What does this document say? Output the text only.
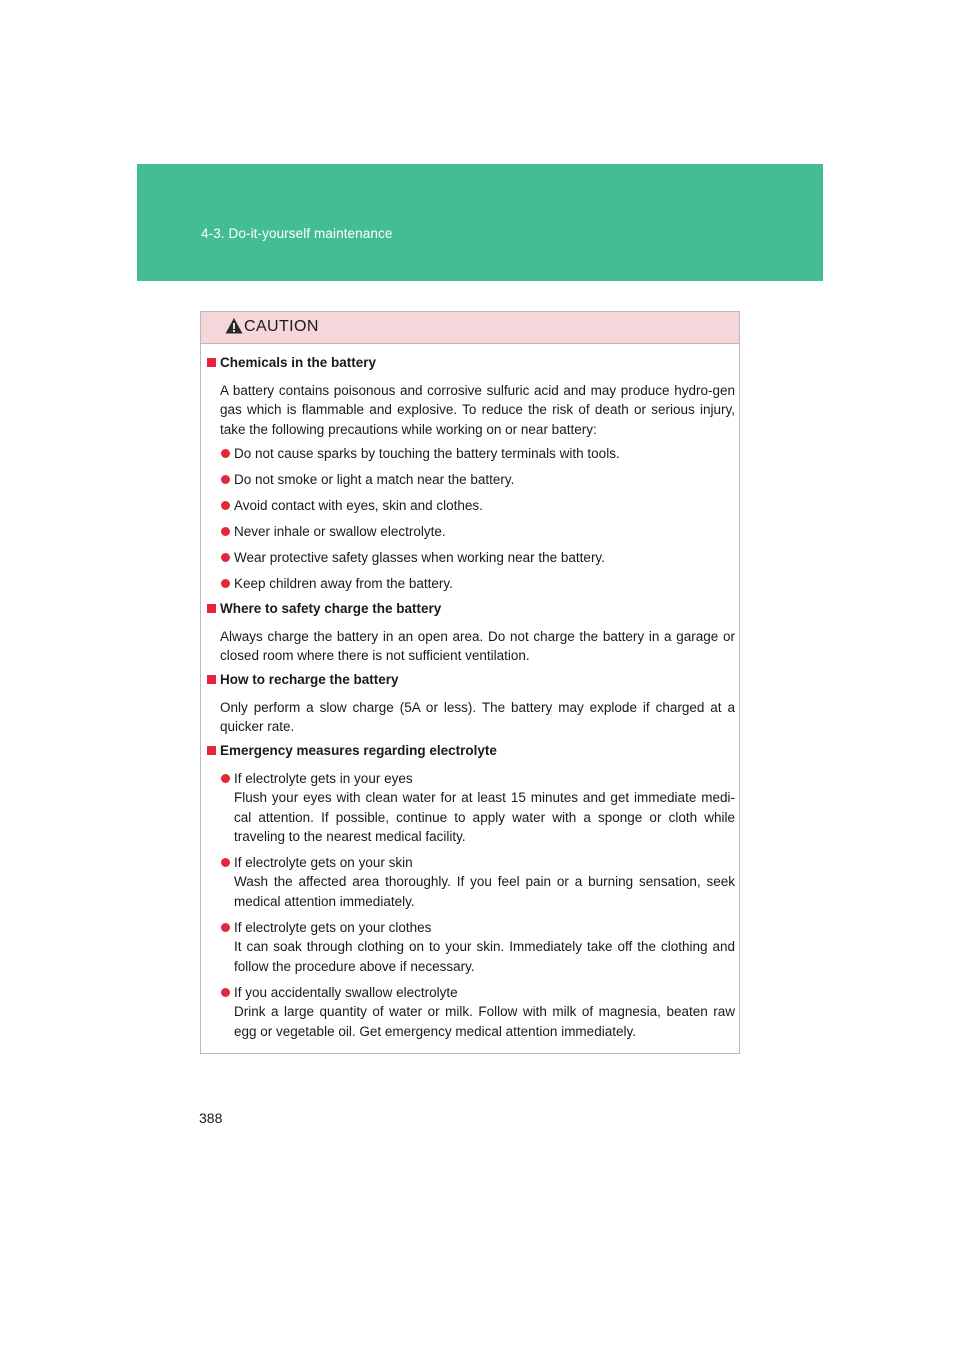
4-3. Do-it-yourself maintenance
CAUTION
Chemicals in the battery
A battery contains poisonous and corrosive sulfuric acid and may produce hydro-gen gas which is flammable and explosive. To reduce the risk of death or serious injury, take the following precautions while working on or near battery:
Do not cause sparks by touching the battery terminals with tools.
Do not smoke or light a match near the battery.
Avoid contact with eyes, skin and clothes.
Never inhale or swallow electrolyte.
Wear protective safety glasses when working near the battery.
Keep children away from the battery.
Where to safety charge the battery
Always charge the battery in an open area. Do not charge the battery in a garage or closed room where there is not sufficient ventilation.
How to recharge the battery
Only perform a slow charge (5A or less). The battery may explode if charged at a quicker rate.
Emergency measures regarding electrolyte
If electrolyte gets in your eyes
Flush your eyes with clean water for at least 15 minutes and get immediate medi-cal attention. If possible, continue to apply water with a sponge or cloth while traveling to the nearest medical facility.
If electrolyte gets on your skin
Wash the affected area thoroughly. If you feel pain or a burning sensation, seek medical attention immediately.
If electrolyte gets on your clothes
It can soak through clothing on to your skin. Immediately take off the clothing and follow the procedure above if necessary.
If you accidentally swallow electrolyte
Drink a large quantity of water or milk. Follow with milk of magnesia, beaten raw egg or vegetable oil. Get emergency medical attention immediately.
388
